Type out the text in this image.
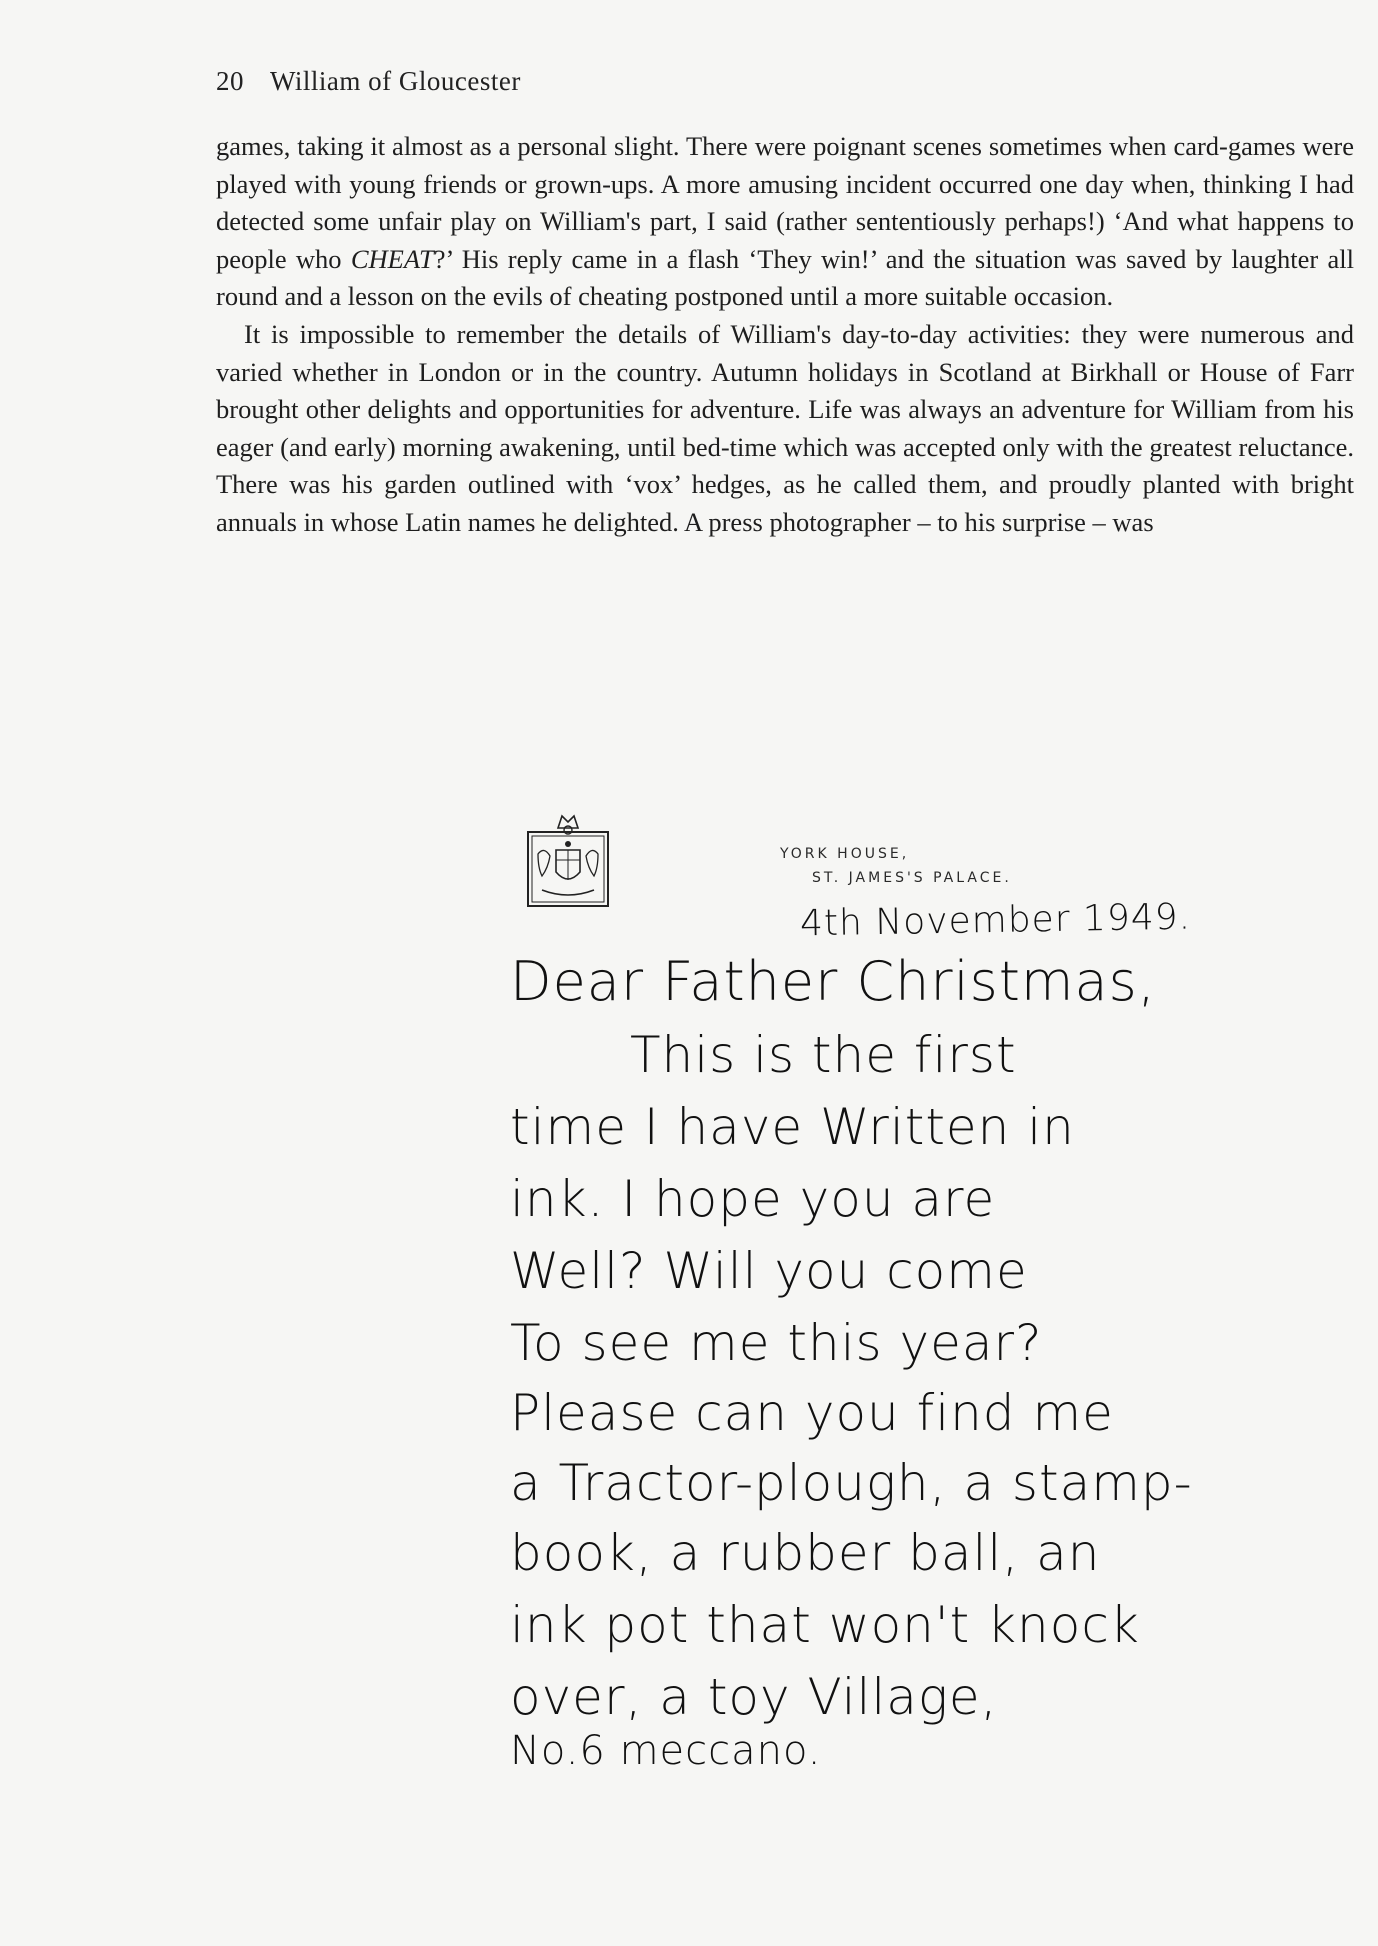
20 William of Gloucester

games, taking it almost as a personal slight. There were poignant scenes sometimes when card-games were played with young friends or grown-ups. A more amusing incident occurred one day when, thinking I had detected some unfair play on William's part, I said (rather sententiously perhaps!) ‘And what happens to people who CHEAT?’ His reply came in a flash ‘They win!’ and the situation was saved by laughter all round and a lesson on the evils of cheating postponed until a more suitable occasion.

It is impossible to remember the details of William's day-to-day activities: they were numerous and varied whether in London or in the country. Autumn holidays in Scotland at Birkhall or House of Farr brought other delights and opportunities for adventure. Life was always an adventure for William from his eager (and early) morning awakening, until bed-time which was accepted only with the greatest reluctance. There was his garden outlined with ‘vox’ hedges, as he called them, and proudly planted with bright annuals in whose Latin names he delighted. A press photographer – to his surprise – was

YORK HOUSE,
ST. JAMES'S PALACE.
4th November 1949.
Dear Father Christmas,
This is the first
time I have Written in
ink. I hope you are
Well? Will you come
To see me this year?
Please can you find me
a Tractor-plough, a stamp-
book, a rubber ball, an
ink pot that won't knock
over, a toy Village,
No.6 meccano.
